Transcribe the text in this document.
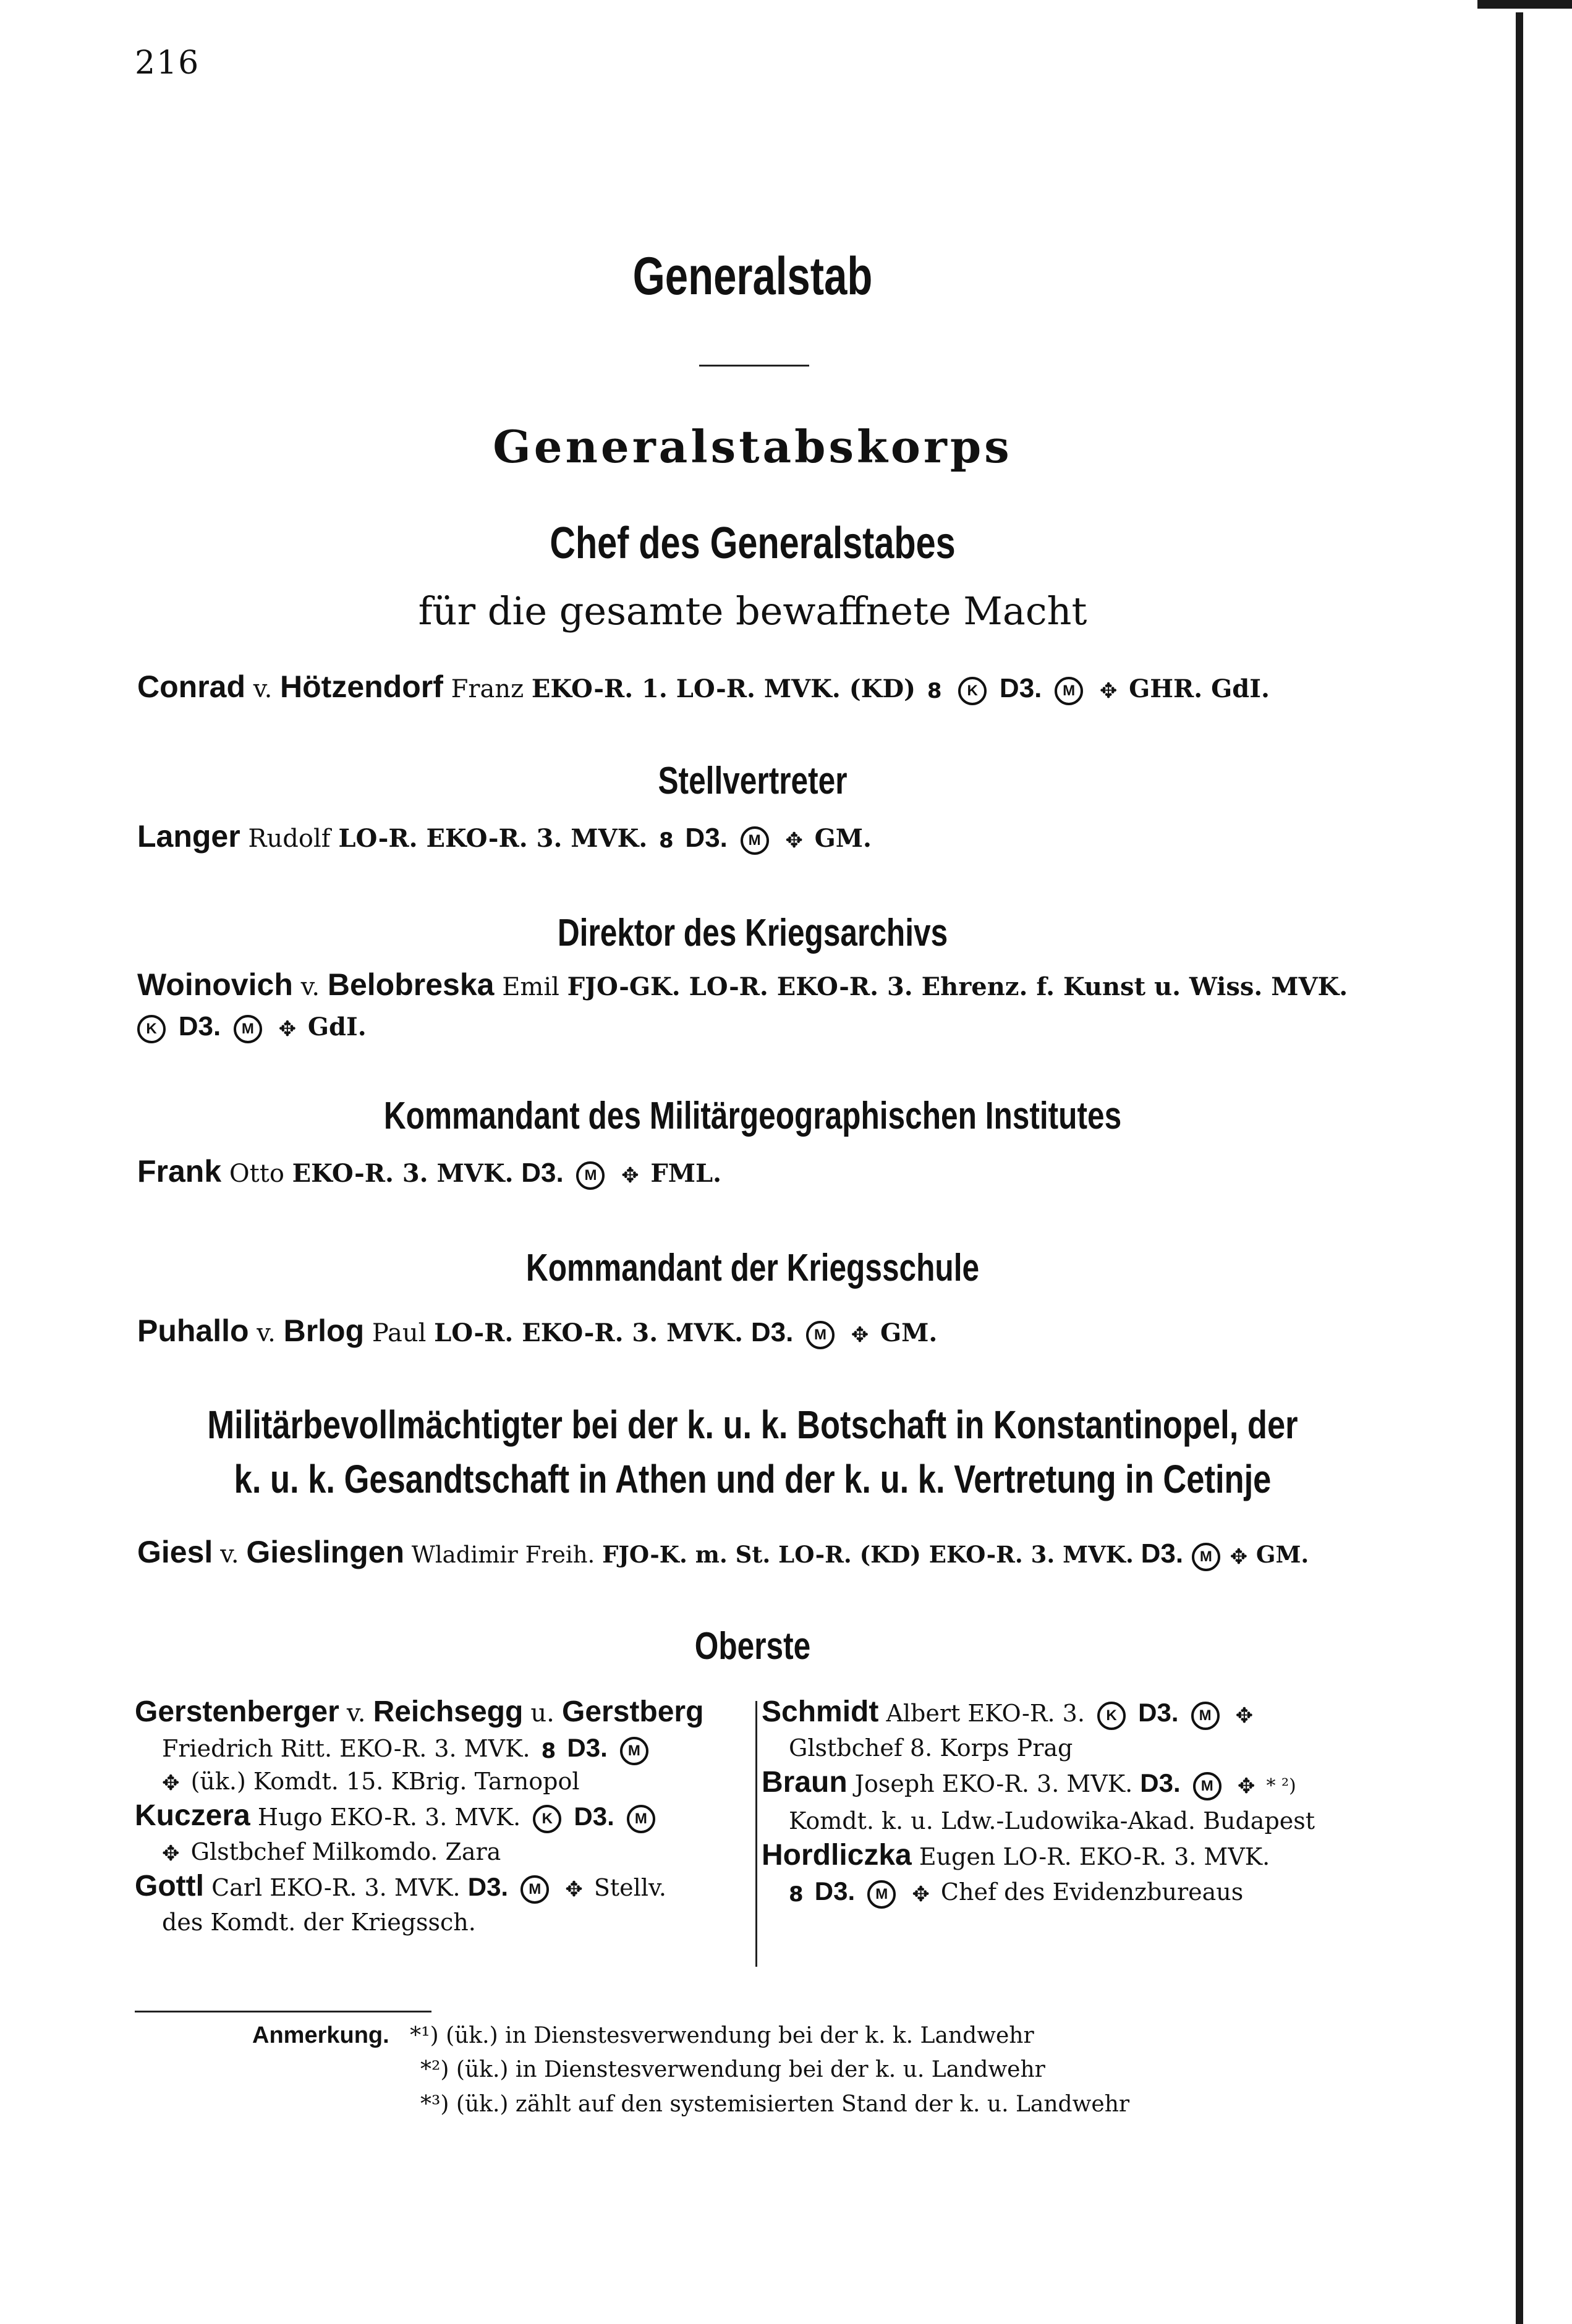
216
Generalstab
Generalstabskorps
Chef des Generalstabes
für die gesamte bewaffnete Macht
Conrad v. Hötzendorf Franz EKO-R. 1. LO-R. MVK. (KD) 8 K D3. M ✥ GHR. GdI.
Stellvertreter
Langer Rudolf LO-R. EKO-R. 3. MVK. 8 D3. M ✥ GM.
Direktor des Kriegsarchivs
Woinovich v. Belobreska Emil FJO-GK. LO-R. EKO-R. 3. Ehrenz. f. Kunst u. Wiss. MVK.
K D3. M ✥ GdI.
Kommandant des Militärgeographischen Institutes
Frank Otto EKO-R. 3. MVK. D3. M ✥ FML.
Kommandant der Kriegsschule
Puhallo v. Brlog Paul LO-R. EKO-R. 3. MVK. D3. M ✥ GM.
Militärbevollmächtigter bei der k. u. k. Botschaft in Konstantinopel, der
k. u. k. Gesandtschaft in Athen und der k. u. k. Vertretung in Cetinje
Giesl v. Gieslingen Wladimir Freih. FJO-K. m. St. LO-R. (KD) EKO-R. 3. MVK. D3. M ✥ GM.
Oberste
Gerstenberger v. Reichsegg u. Gerstberg
Friedrich Ritt. EKO-R. 3. MVK. 8 D3. M
✥ (ük.) Komdt. 15. KBrig. Tarnopol
Kuczera Hugo EKO-R. 3. MVK. K D3. M
✥ Glstbchef Milkomdo. Zara
Gottl Carl EKO-R. 3. MVK. D3. M ✥ Stellv.
des Komdt. der Kriegssch.
Schmidt Albert EKO-R. 3. K D3. M ✥
Glstbchef 8. Korps Prag
Braun Joseph EKO-R. 3. MVK. D3. M ✥ * ²)
Komdt. k. u. Ldw.-Ludowika-Akad. Budapest
Hordliczka Eugen LO-R. EKO-R. 3. MVK.
8 D3. M ✥ Chef des Evidenzbureaus
Anmerkung. *¹) (ük.) in Dienstesverwendung bei der k. k. Landwehr
*²) (ük.) in Dienstesverwendung bei der k. u. Landwehr
*³) (ük.) zählt auf den systemisierten Stand der k. u. Landwehr
